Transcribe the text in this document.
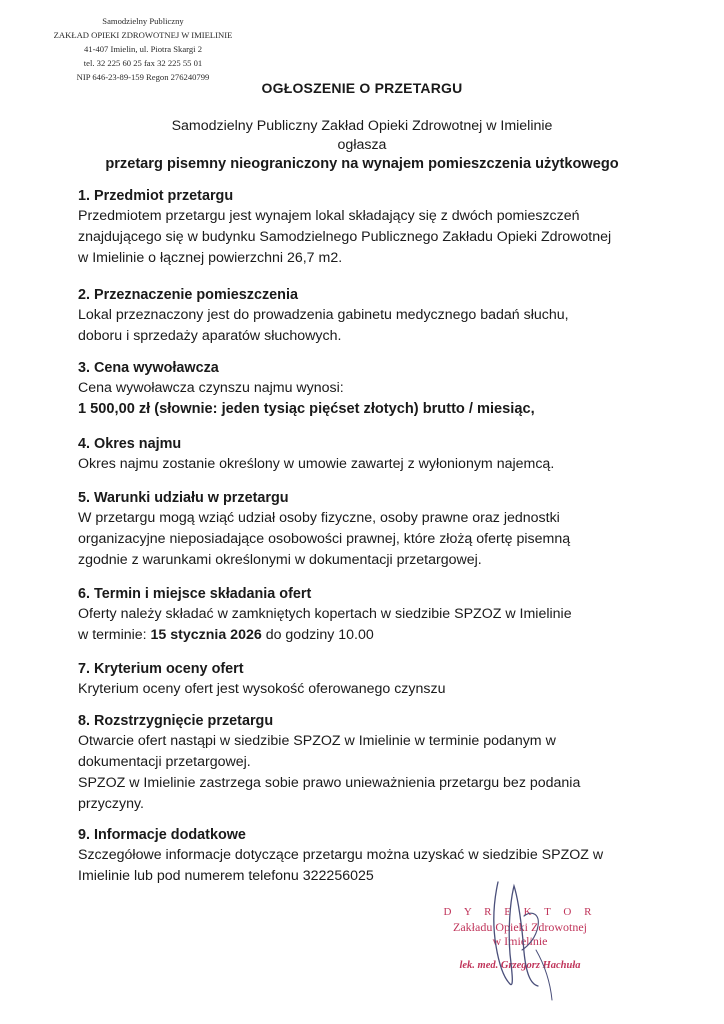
Samodzielny Publiczny
ZAKŁAD OPIEKI ZDROWOTNEJ W IMIELINIE
41-407 Imielin, ul. Piotra Skargi 2
tel. 32 225 60 25 fax 32 225 55 01
NIP 646-23-89-159 Regon 276240799
OGŁOSZENIE O PRZETARGU
Samodzielny Publiczny Zakład Opieki Zdrowotnej w Imielinie
ogłasza
przetarg pisemny nieograniczony na wynajem pomieszczenia użytkowego
1. Przedmiot przetargu
Przedmiotem przetargu jest wynajem lokal składający się z dwóch pomieszczeń
znajdującego się w budynku Samodzielnego Publicznego Zakładu Opieki Zdrowotnej
w Imielinie o łącznej powierzchni 26,7 m2.
2. Przeznaczenie pomieszczenia
Lokal przeznaczony jest do prowadzenia gabinetu medycznego badań słuchu,
doboru i sprzedaży aparatów słuchowych.
3. Cena wywoławcza
Cena wywoławcza czynszu najmu wynosi:
1 500,00 zł (słownie: jeden tysiąc pięćset złotych) brutto / miesiąc,
4. Okres najmu
Okres najmu zostanie określony w umowie zawartej z wyłonionym najemcą.
5. Warunki udziału w przetargu
W przetargu mogą wziąć udział osoby fizyczne, osoby prawne oraz jednostki
organizacyjne nieposiadające osobowości prawnej, które złożą ofertę pisemną
zgodnie z warunkami określonymi w dokumentacji przetargowej.
6. Termin i miejsce składania ofert
Oferty należy składać w zamkniętych kopertach w siedzibie SPZOZ w Imielinie
w terminie: 15 stycznia 2026 do godziny 10.00
7. Kryterium oceny ofert
Kryterium oceny ofert jest wysokość oferowanego czynszu
8. Rozstrzygnięcie przetargu
Otwarcie ofert nastąpi w siedzibie SPZOZ w Imielinie w terminie podanym w
dokumentacji przetargowej.
SPZOZ w Imielinie zastrzega sobie prawo unieważnienia przetargu bez podania
przyczyny.
9. Informacje dodatkowe
Szczegółowe informacje dotyczące przetargu można uzyskać w siedzibie SPZOZ w
Imielinie lub pod numerem telefonu 322256025
D Y R E K T O R
Zakładu Opieki Zdrowotnej
w Imielinie
lek. med. Grzegorz Hachuła
